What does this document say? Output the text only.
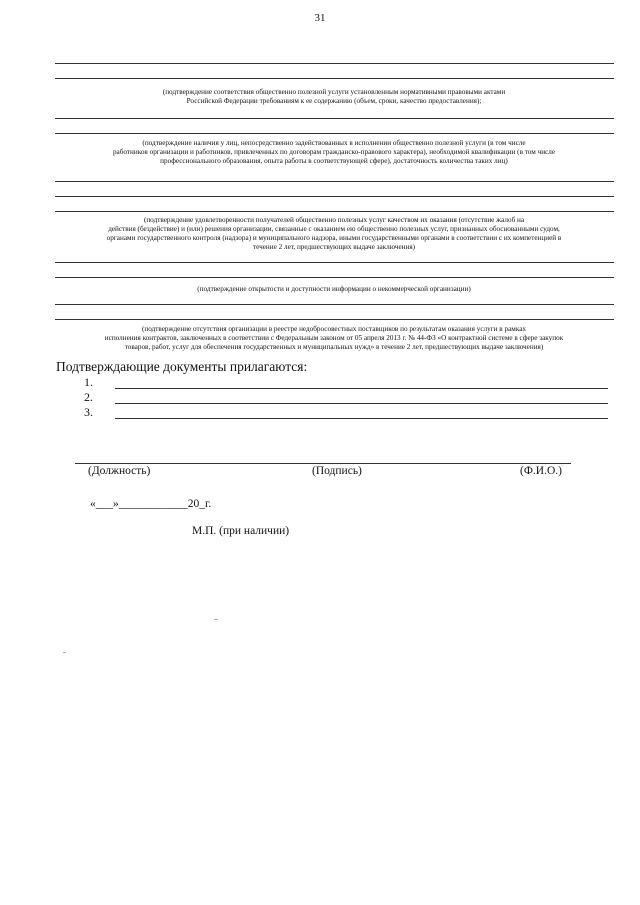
31
(подтверждение соответствия общественно полезной услуги установленным нормативными правовыми актами
Российской Федерации требованиям к ее содержанию (объем, сроки, качество предоставления);
(подтверждение наличия у лиц, непосредственно задействованных в исполнении общественно полезной услуги (в том числе
работников организации и работников, привлеченных по договорам гражданско-правового характера), необходимой квалификации (в том числе
профессионального образования, опыта работы в соответствующей сфере), достаточность количества таких лиц)
(подтверждение удовлетворенности получателей общественно полезных услуг качеством их оказания (отсутствие жалоб на
действия (бездействие) и (или) решения организации, связанные с оказанием ею общественно полезных услуг, признанных обоснованными судом,
органами государственного контроля (надзора) и муниципального надзора, иными государственными органами в соответствии с их компетенцией в
течение 2 лет, предшествующих выдаче заключения)
(подтверждение открытости и доступности информации о некоммерческой организации)
(подтверждение отсутствия организации в реестре недобросовестных поставщиков по результатам оказания услуги в рамках
исполнения контрактов, заключенных в соответствии с Федеральным законом от 05 апреля 2013 г. № 44-ФЗ «О контрактной системе в сфере закупок
товаров, работ, услуг для обеспечения государственных и муниципальных нужд» в течение 2 лет, предшествующих выдаче заключения)
Подтверждающие документы прилагаются:
1.
2.
3.
(Должность)	(Подпись)	(Ф.И.О.)
«___»____________20_г.
М.П. (при наличии)
